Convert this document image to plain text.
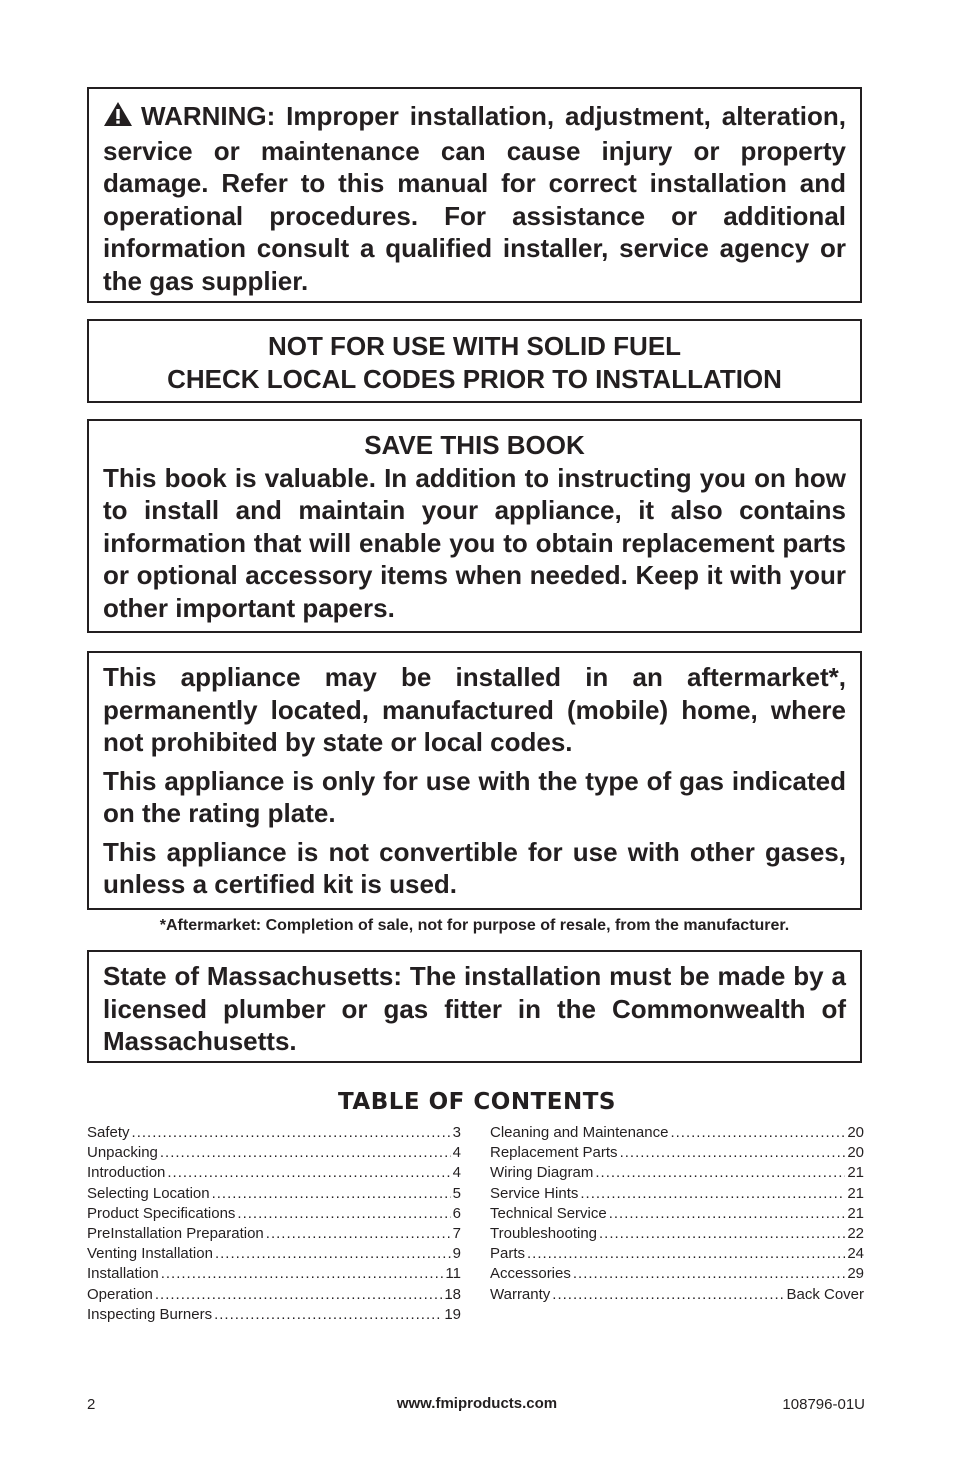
WARNING: Improper installation, adjustment, alteration, service or maintenance can cause injury or property damage. Refer to this manual for correct installation and operational procedures. For assistance or additional information consult a qualified installer, service agency or the gas supplier.

NOT FOR USE WITH SOLID FUEL
CHECK LOCAL CODES PRIOR TO INSTALLATION
SAVE THIS BOOK

This book is valuable. In addition to instructing you on how to install and maintain your appliance, it also contains information that will enable you to obtain replacement parts or optional accessory items when needed. Keep it with your other important papers.

This appliance may be installed in an aftermarket*, permanently located, manufactured (mobile) home, where not prohibited by state or local codes.

This appliance is only for use with the type of gas indicated on the rating plate.

This appliance is not convertible for use with other gases, unless a certified kit is used.

*Aftermarket: Completion of sale, not for purpose of resale, from the manufacturer.

State of Massachusetts: The installation must be made by a licensed plumber or gas fitter in the Commonwealth of Massachusetts.

TABLE OF CONTENTS
Safety .....	3
Unpacking .....	4
Introduction .....	4
Selecting Location .....	5
Product Specifications .....	6
PreInstallation Preparation .....	7
Venting Installation .....	9
Installation .....	11
Operation .....	18
Inspecting Burners .....	19
Cleaning and Maintenance .....	20
Replacement Parts .....	20
Wiring Diagram .....	21
Service Hints .....	21
Technical Service .....	21
Troubleshooting .....	22
Parts .....	24
Accessories .....	29
Warranty .....	Back Cover
2	www.fmiproducts.com	108796-01U
